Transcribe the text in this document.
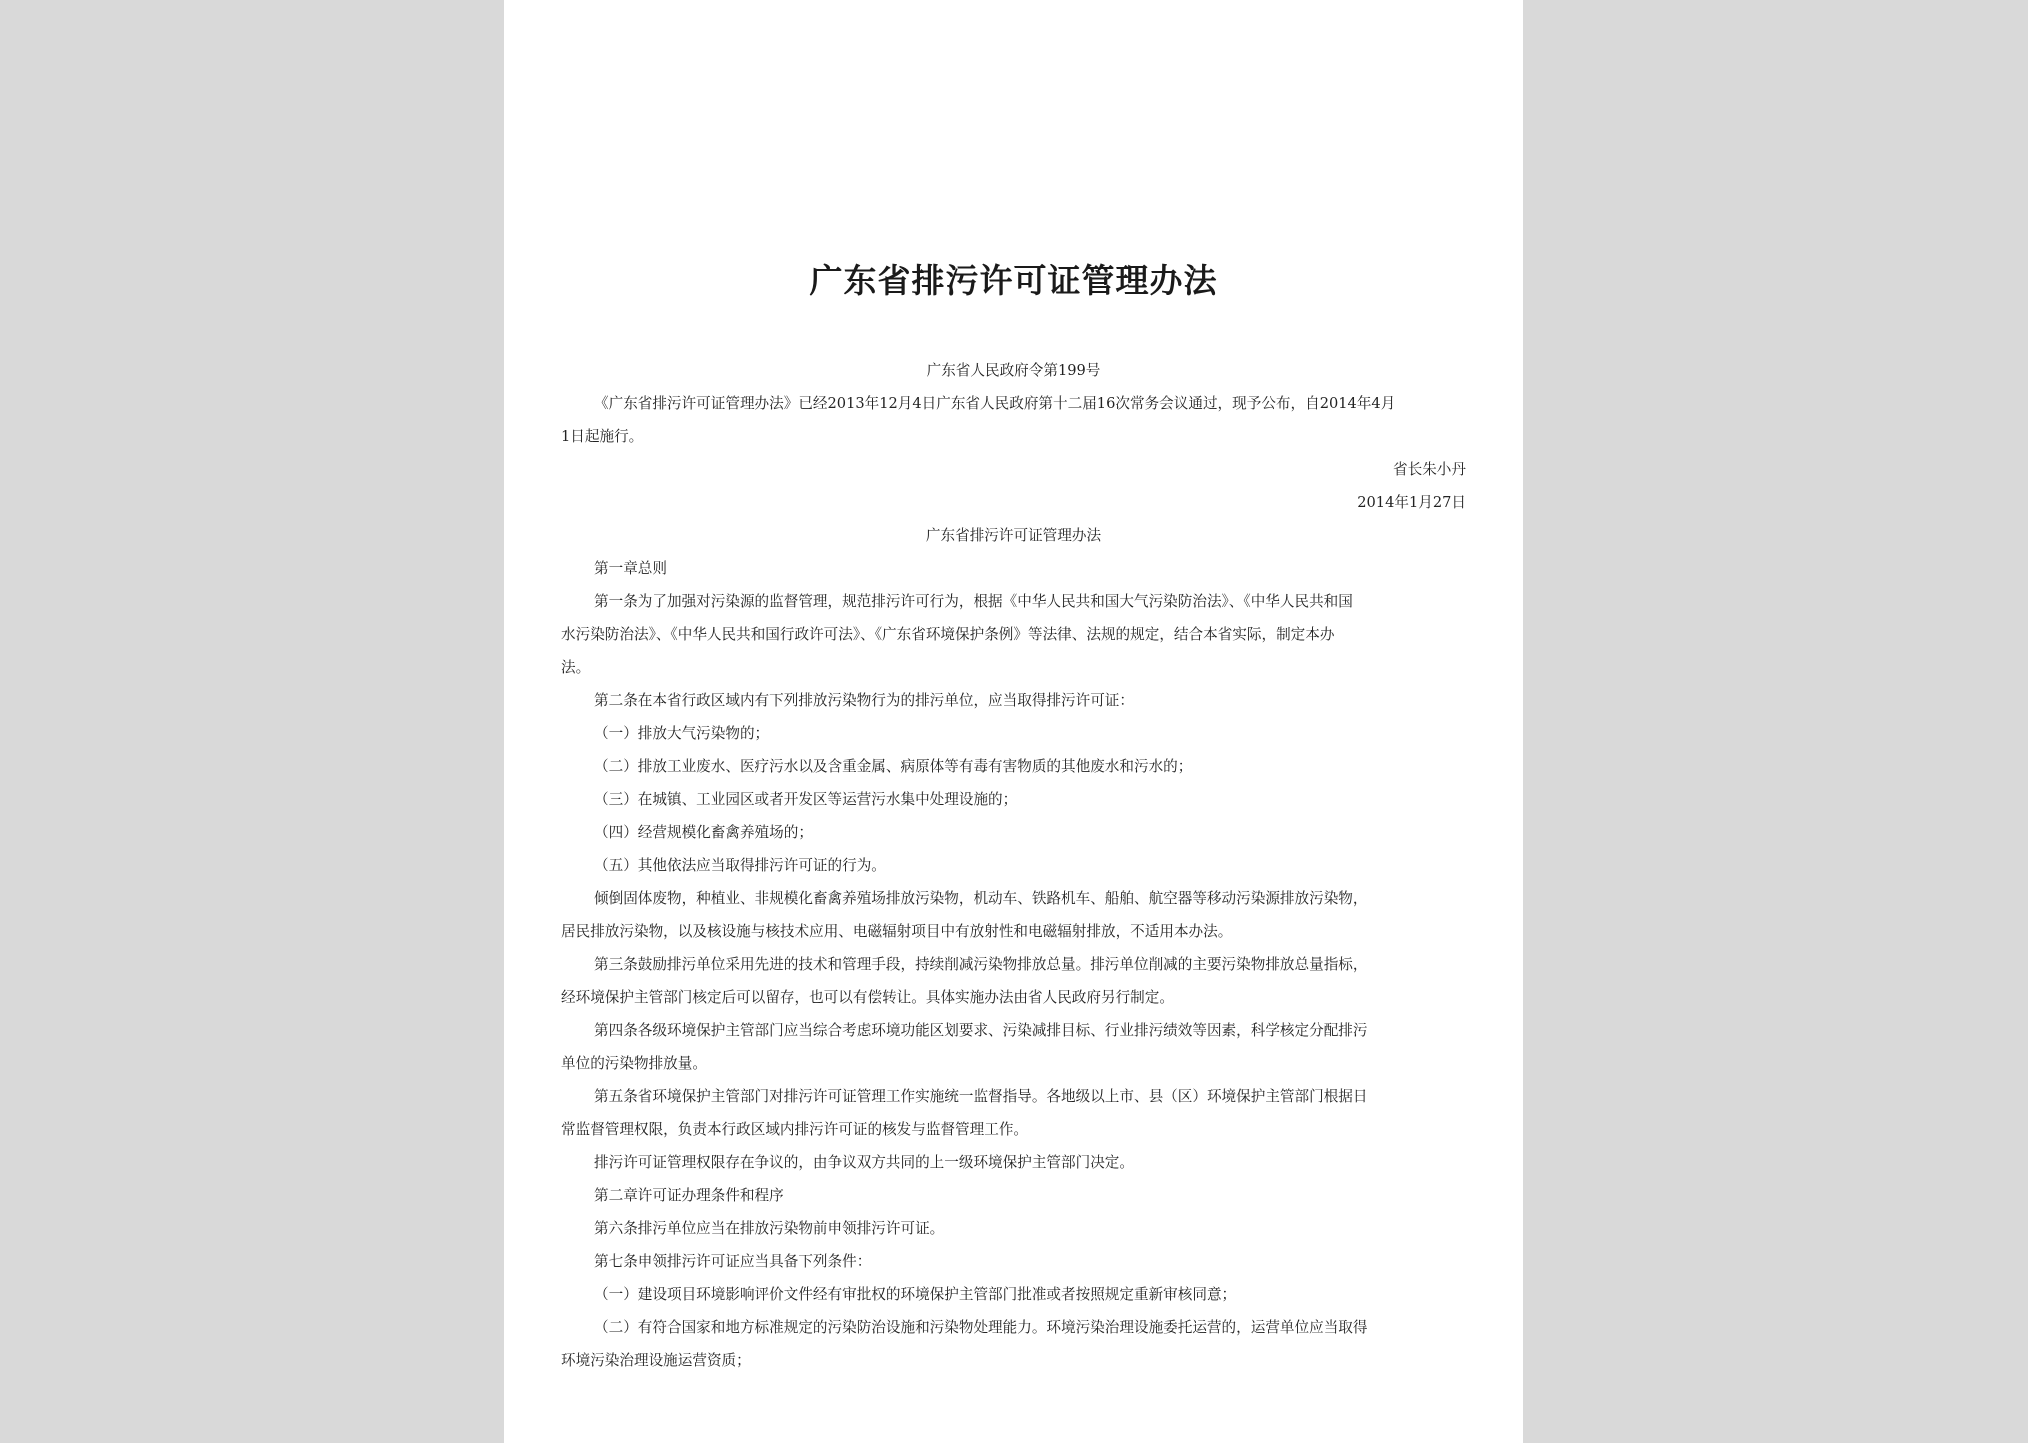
广东省排污许可证管理办法
广东省人民政府令第199号
《广东省排污许可证管理办法》已经2013年12月4日广东省人民政府第十二届16次常务会议通过，现予公布，自2014年4月
1日起施行。
省长朱小丹
2014年1月27日
广东省排污许可证管理办法
第一章总则
第一条为了加强对污染源的监督管理，规范排污许可行为，根据《中华人民共和国大气污染防治法》、《中华人民共和国
水污染防治法》、《中华人民共和国行政许可法》、《广东省环境保护条例》等法律、法规的规定，结合本省实际，制定本办
法。
第二条在本省行政区域内有下列排放污染物行为的排污单位，应当取得排污许可证：
（一）排放大气污染物的；
（二）排放工业废水、医疗污水以及含重金属、病原体等有毒有害物质的其他废水和污水的；
（三）在城镇、工业园区或者开发区等运营污水集中处理设施的；
（四）经营规模化畜禽养殖场的；
（五）其他依法应当取得排污许可证的行为。
倾倒固体废物，种植业、非规模化畜禽养殖场排放污染物，机动车、铁路机车、船舶、航空器等移动污染源排放污染物，
居民排放污染物，以及核设施与核技术应用、电磁辐射项目中有放射性和电磁辐射排放，不适用本办法。
第三条鼓励排污单位采用先进的技术和管理手段，持续削减污染物排放总量。排污单位削减的主要污染物排放总量指标，
经环境保护主管部门核定后可以留存，也可以有偿转让。具体实施办法由省人民政府另行制定。
第四条各级环境保护主管部门应当综合考虑环境功能区划要求、污染减排目标、行业排污绩效等因素，科学核定分配排污
单位的污染物排放量。
第五条省环境保护主管部门对排污许可证管理工作实施统一监督指导。各地级以上市、县（区）环境保护主管部门根据日
常监督管理权限，负责本行政区域内排污许可证的核发与监督管理工作。
排污许可证管理权限存在争议的，由争议双方共同的上一级环境保护主管部门决定。
第二章许可证办理条件和程序
第六条排污单位应当在排放污染物前申领排污许可证。
第七条申领排污许可证应当具备下列条件：
（一）建设项目环境影响评价文件经有审批权的环境保护主管部门批准或者按照规定重新审核同意；
（二）有符合国家和地方标准规定的污染防治设施和污染物处理能力。环境污染治理设施委托运营的，运营单位应当取得
环境污染治理设施运营资质；
